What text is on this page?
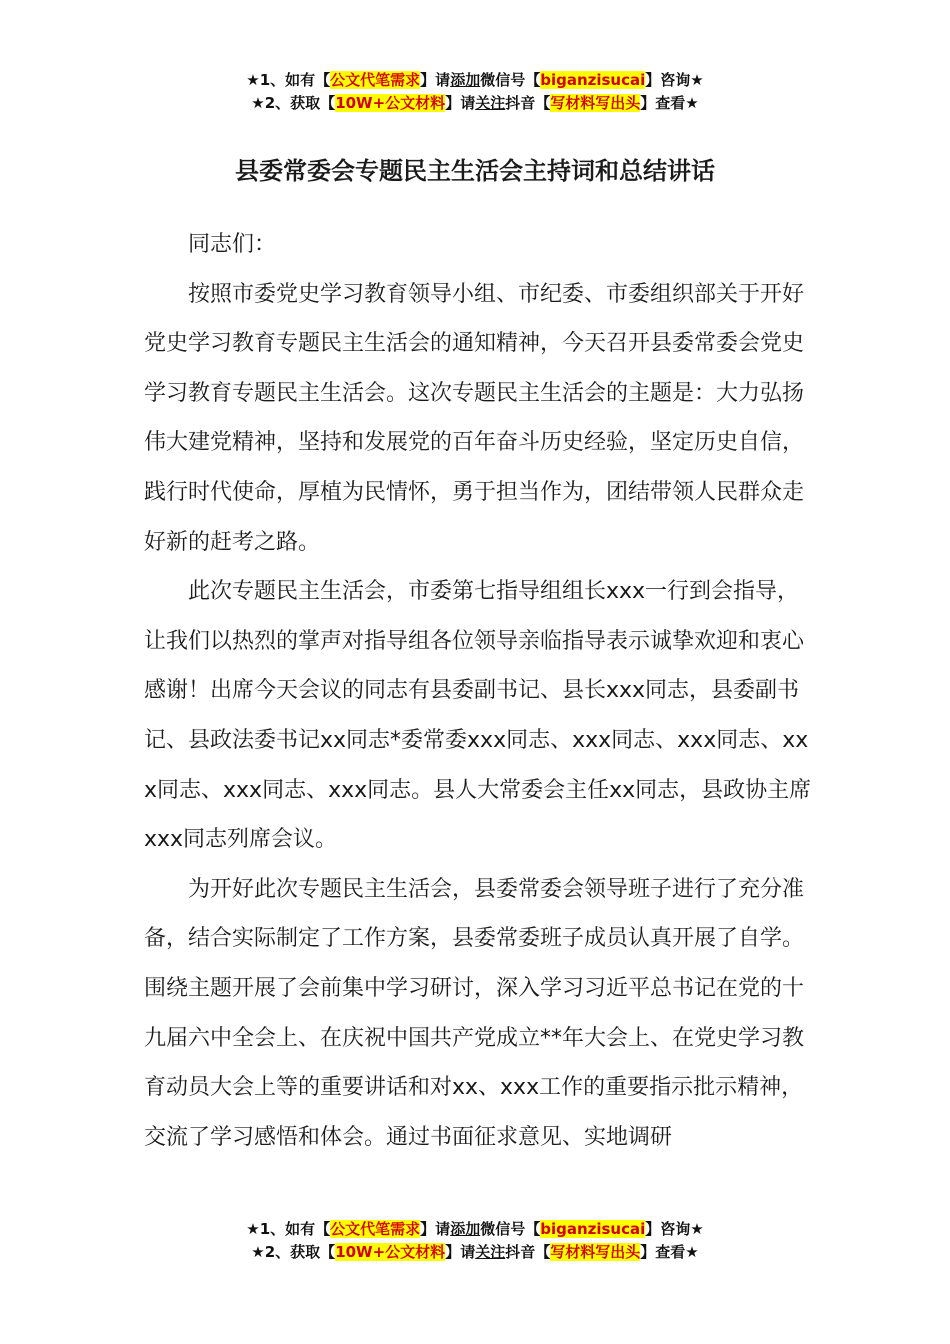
★1、如有【公文代笔需求】请添加微信号【biganzisucai】咨询★
★2、获取【10W+公文材料】请关注抖音【写材料写出头】查看★
县委常委会专题民主生活会主持词和总结讲话

同志们：

按照市委党史学习教育领导小组、市纪委、市委组织部关于开好党史学习教育专题民主生活会的通知精神，今天召开县委常委会党史学习教育专题民主生活会。这次专题民主生活会的主题是：大力弘扬伟大建党精神，坚持和发展党的百年奋斗历史经验，坚定历史自信，践行时代使命，厚植为民情怀，勇于担当作为，团结带领人民群众走好新的赶考之路。

此次专题民主生活会，市委第七指导组组长xxx一行到会指导，让我们以热烈的掌声对指导组各位领导亲临指导表示诚挚欢迎和衷心感谢！出席今天会议的同志有县委副书记、县长xxx同志，县委副书记、县政法委书记xx同志*委常委xxx同志、xxx同志、xxx同志、xxx同志、xxx同志、xxx同志。县人大常委会主任xx同志，县政协主席xxx同志列席会议。

为开好此次专题民主生活会，县委常委会领导班子进行了充分准备，结合实际制定了工作方案，县委常委班子成员认真开展了自学。围绕主题开展了会前集中学习研讨，深入学习习近平总书记在党的十九届六中全会上、在庆祝中国共产党成立**年大会上、在党史学习教育动员大会上等的重要讲话和对xx、xxx工作的重要指示批示精神，交流了学习感悟和体会。通过书面征求意见、实地调研

★1、如有【公文代笔需求】请添加微信号【biganzisucai】咨询★
★2、获取【10W+公文材料】请关注抖音【写材料写出头】查看★
